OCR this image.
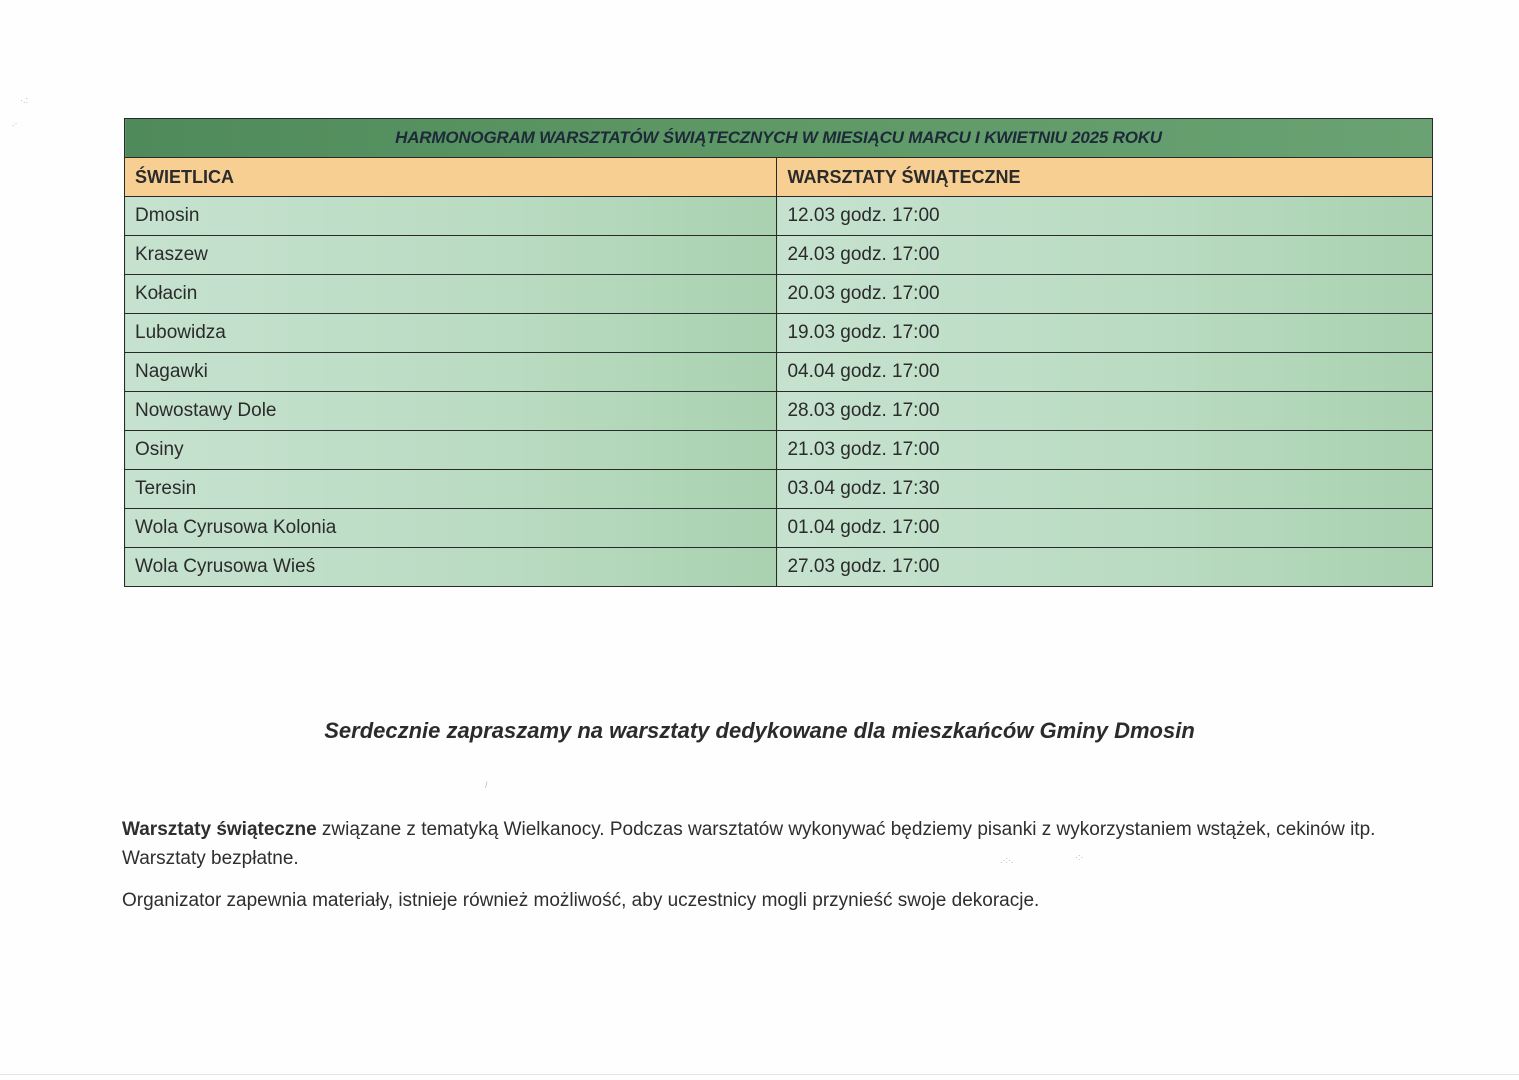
HARMONOGRAM WARSZTATÓW ŚWIĄTECZNYCH W MIESIĄCU MARCU I KWIETNIU 2025 ROKU	
ŚWIETLICA	WARSZTATY ŚWIĄTECZNE
Dmosin	12.03 godz. 17:00
Kraszew	24.03 godz. 17:00
Kołacin	20.03 godz. 17:00
Lubowidza	19.03 godz. 17:00
Nagawki	04.04 godz. 17:00
Nowostawy Dole	28.03 godz. 17:00
Osiny	21.03 godz. 17:00
Teresin	03.04 godz. 17:30
Wola Cyrusowa Kolonia	01.04 godz. 17:00
Wola Cyrusowa Wieś	27.03 godz. 17:00
Serdecznie zapraszamy na warsztaty dedykowane dla mieszkańców Gminy Dmosin
Warsztaty świąteczne związane z tematyką Wielkanocy. Podczas warsztatów wykonywać będziemy pisanki z wykorzystaniem wstążek, cekinów itp. Warsztaty bezpłatne.
Organizator zapewnia materiały, istnieje również możliwość, aby uczestnicy mogli przynieść swoje dekoracje.
·.:
.·
.·:·.	·:·
/
